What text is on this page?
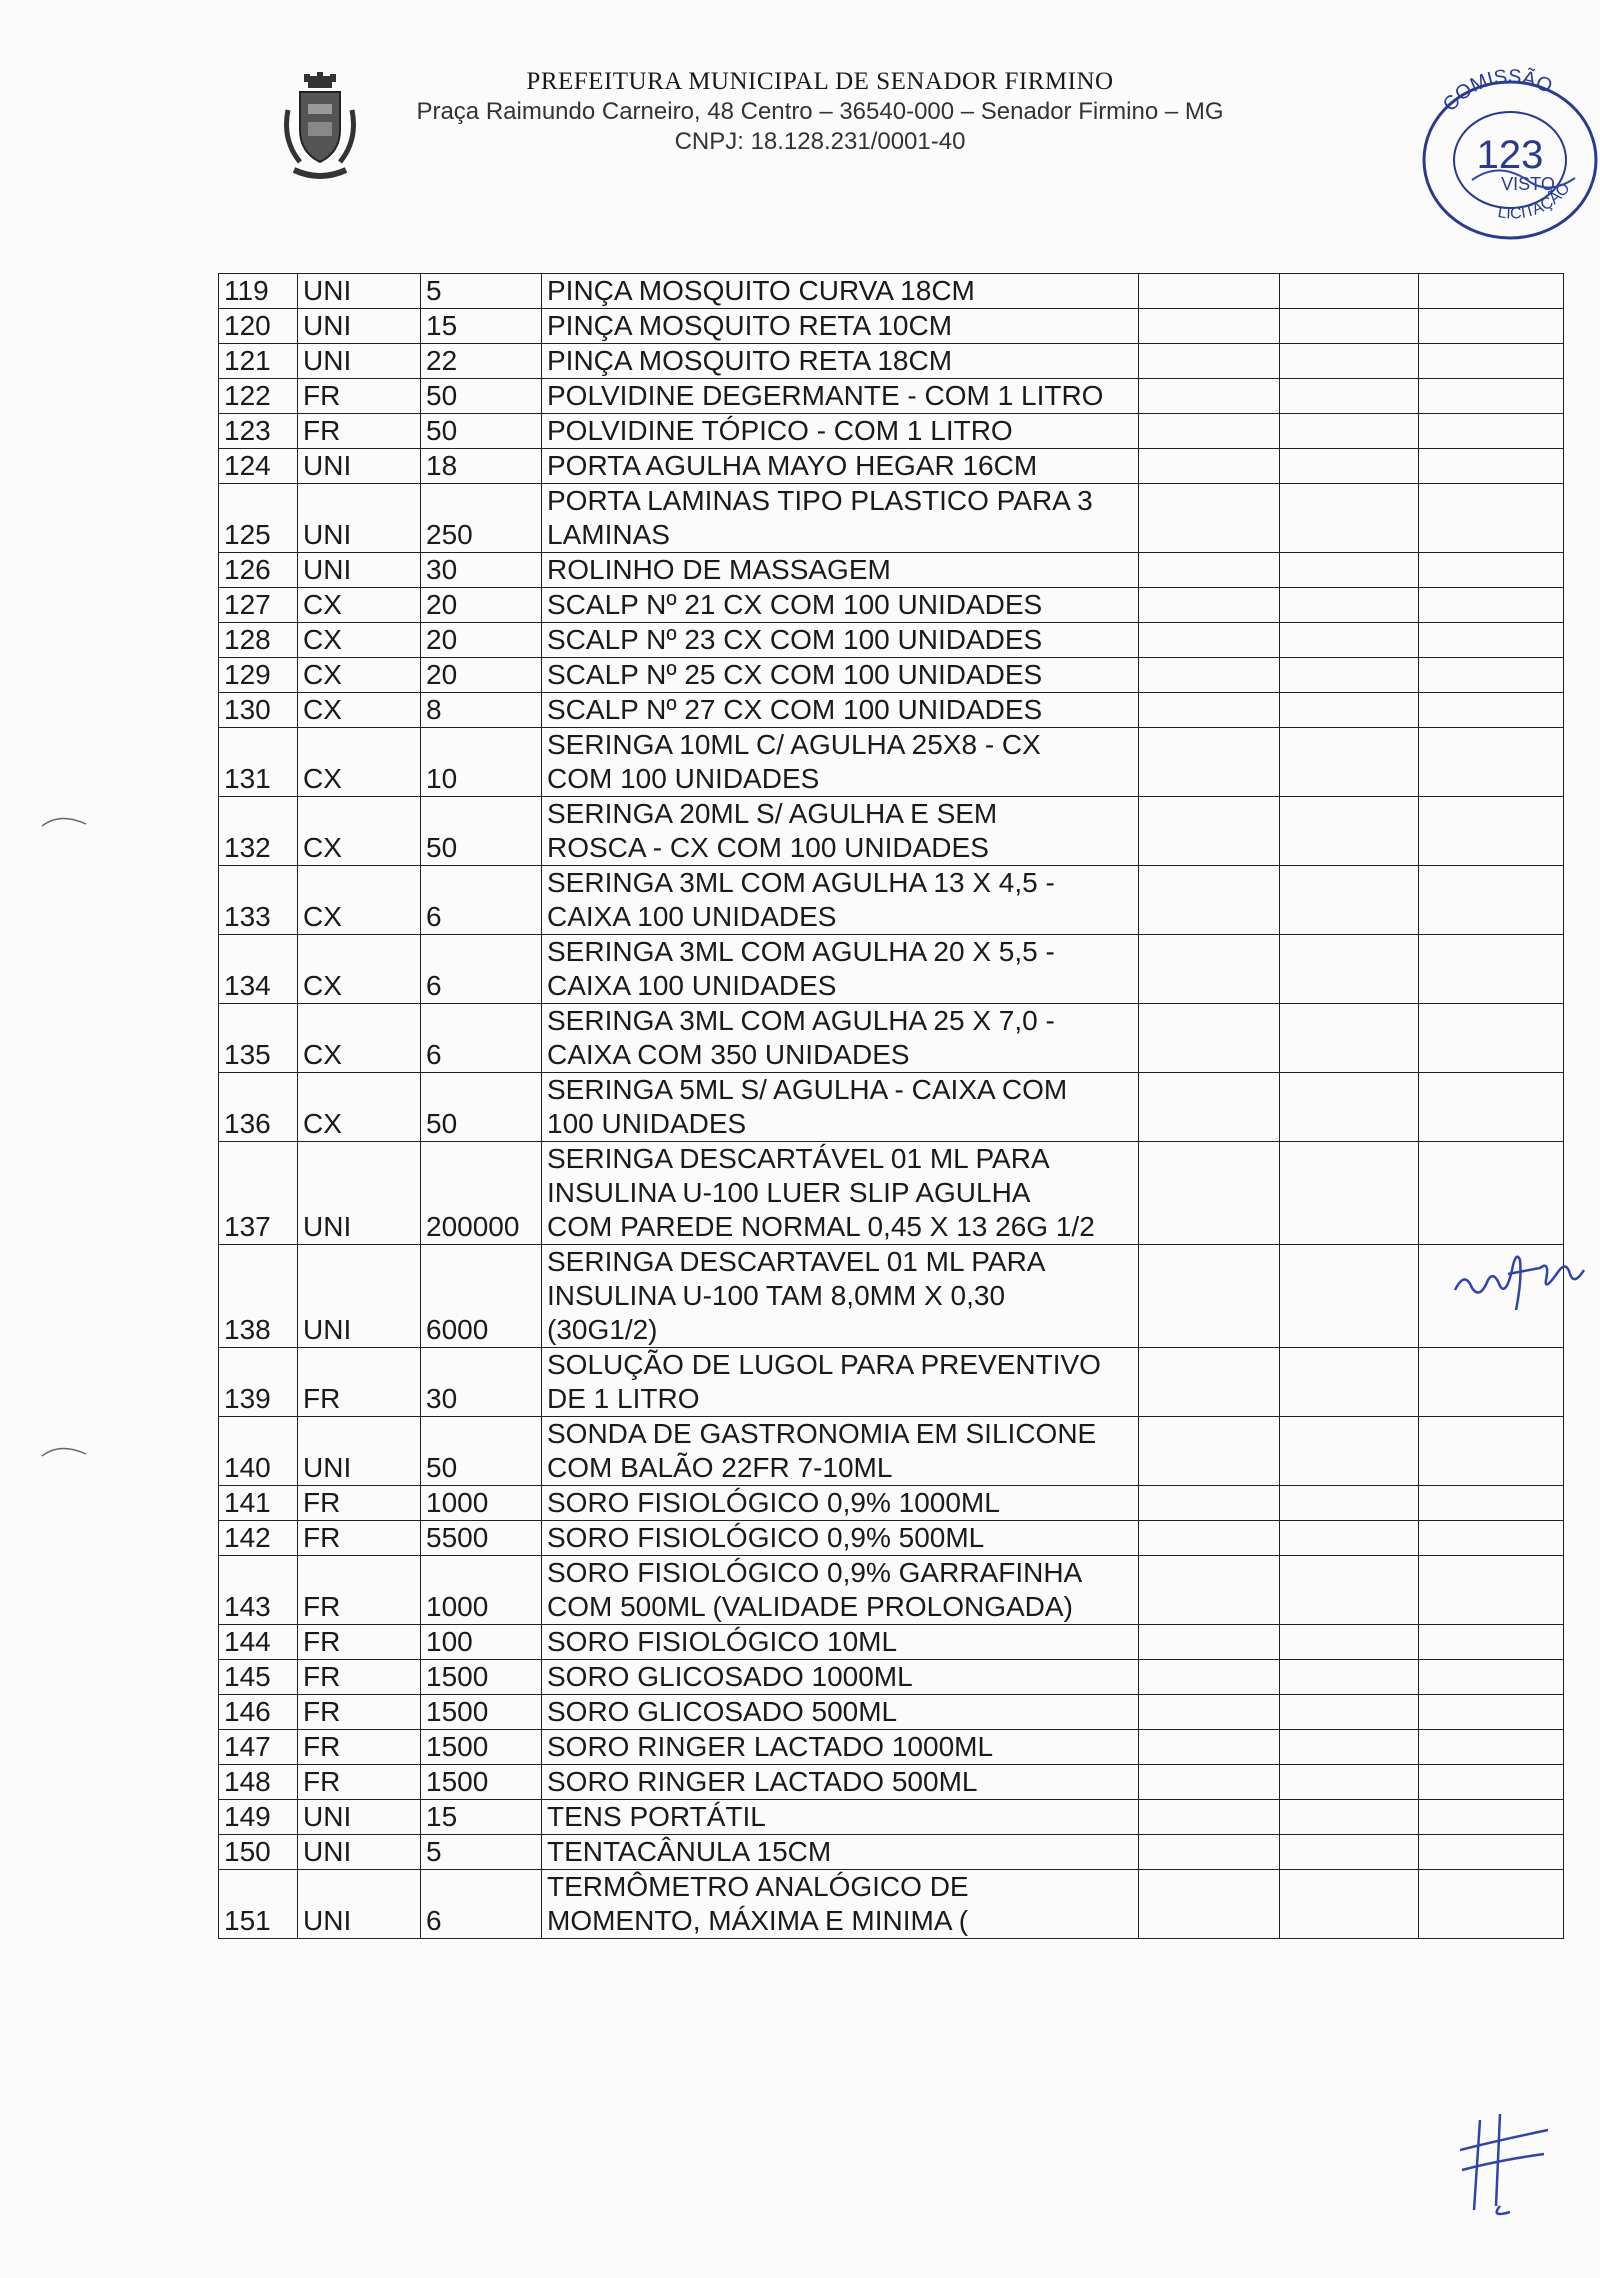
PREFEITURA MUNICIPAL DE SENADOR FIRMINO
Praça Raimundo Carneiro, 48 Centro – 36540-000 – Senador Firmino – MG
CNPJ: 18.128.231/0001-40
COMISSÃO
123
VISTO
LICITAÇÃO
119	UNI	5	PINÇA MOSQUITO CURVA 18CM			

120	UNI	15	PINÇA MOSQUITO RETA 10CM			

121	UNI	22	PINÇA MOSQUITO RETA 18CM			

122	FR	50	POLVIDINE DEGERMANTE - COM 1 LITRO			

123	FR	50	POLVIDINE TÓPICO - COM 1 LITRO			

124	UNI	18	PORTA AGULHA MAYO HEGAR 16CM			

125	UNI	250	PORTA LAMINAS TIPO PLASTICO PARA 3
LAMINAS			

126	UNI	30	ROLINHO DE MASSAGEM			

127	CX	20	SCALP Nº 21 CX COM 100 UNIDADES			

128	CX	20	SCALP Nº 23 CX COM 100 UNIDADES			

129	CX	20	SCALP Nº 25 CX COM 100 UNIDADES			

130	CX	8	SCALP Nº 27 CX COM 100 UNIDADES			

131	CX	10	SERINGA 10ML C/ AGULHA 25X8 - CX
COM 100 UNIDADES			

132	CX	50	SERINGA 20ML S/ AGULHA E SEM
ROSCA - CX COM 100 UNIDADES			

133	CX	6	SERINGA 3ML COM AGULHA 13 X 4,5 -
CAIXA 100 UNIDADES			

134	CX	6	SERINGA 3ML COM AGULHA 20 X 5,5 -
CAIXA 100 UNIDADES			

135	CX	6	SERINGA 3ML COM AGULHA 25 X 7,0 -
CAIXA COM 350 UNIDADES			

136	CX	50	SERINGA 5ML S/ AGULHA - CAIXA COM
100 UNIDADES			

137	UNI	200000	SERINGA DESCARTÁVEL 01 ML PARA
INSULINA U-100 LUER SLIP AGULHA
COM PAREDE NORMAL 0,45 X 13 26G 1/2			

138	UNI	6000	SERINGA DESCARTAVEL 01 ML PARA
INSULINA U-100 TAM 8,0MM X 0,30
(30G1/2)			

139	FR	30	SOLUÇÃO DE LUGOL PARA PREVENTIVO
DE 1 LITRO			

140	UNI	50	SONDA DE GASTRONOMIA EM SILICONE
COM BALÃO 22FR 7-10ML			

141	FR	1000	SORO FISIOLÓGICO 0,9% 1000ML			

142	FR	5500	SORO FISIOLÓGICO 0,9% 500ML			

143	FR	1000	SORO FISIOLÓGICO 0,9% GARRAFINHA
COM 500ML (VALIDADE PROLONGADA)			

144	FR	100	SORO FISIOLÓGICO 10ML			

145	FR	1500	SORO GLICOSADO 1000ML			

146	FR	1500	SORO GLICOSADO 500ML			

147	FR	1500	SORO RINGER LACTADO 1000ML			

148	FR	1500	SORO RINGER LACTADO 500ML			

149	UNI	15	TENS PORTÁTIL			

150	UNI	5	TENTACÂNULA 15CM			

151	UNI	6	TERMÔMETRO ANALÓGICO DE
MOMENTO, MÁXIMA E MINIMA (			
